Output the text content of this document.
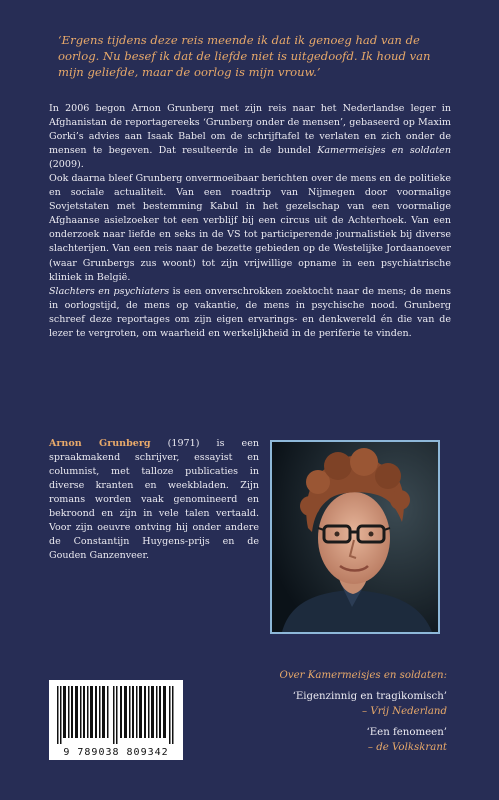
‘Ergens tijdens deze reis meende ik dat ik genoeg had van de
oorlog. Nu besef ik dat de liefde niet is uitgedoofd. Ik houd van
mijn geliefde, maar de oorlog is mijn vrouw.’

In 2006 begon Arnon Grunberg met zijn reis naar het Nederlandse leger in Afghanistan de reportagereeks ‘Grunberg onder de mensen’, gebaseerd op Maxim Gorki’s advies aan Isaak Babel om de schrijftafel te verlaten en zich onder de mensen te begeven. Dat resulteerde in de bundel Kamermeisjes en soldaten (2009).

Ook daarna bleef Grunberg onvermoeibaar berichten over de mens en de politieke en sociale actualiteit. Van een roadtrip van Nijmegen door voormalige Sovjetstaten met bestemming Kabul in het gezelschap van een voormalige Afghaanse asielzoeker tot een verblijf bij een circus uit de Achterhoek. Van een onderzoek naar liefde en seks in de VS tot participerende journalistiek bij diverse slachterijen. Van een reis naar de bezette gebieden op de Westelijke Jordaanoever (waar Grunbergs zus woont) tot zijn vrijwillige opname in een psychiatrische kliniek in België.

Slachters en psychiaters is een onverschrokken zoektocht naar de mens; de mens in oorlogstijd, de mens op vakantie, de mens in psychische nood. Grunberg schreef deze reportages om zijn eigen ervarings- en denkwereld én die van de lezer te vergroten, om waarheid en werkelijkheid in de periferie te vinden.

Arnon Grunberg (1971) is een spraakmakend schrijver, essayist en columnist, met talloze publicaties in diverse kranten en weekbladen. Zijn romans worden vaak genomineerd en bekroond en zijn in vele talen vertaald. Voor zijn oeuvre ontving hij onder andere de Constantijn Huygens-prijs en de Gouden Ganzenveer.
9 789038 809342
Over Kamermeisjes en soldaten:
‘Eigenzinnig en tragikomisch’
– Vrij Nederland
‘Een fenomeen’
– de Volkskrant
